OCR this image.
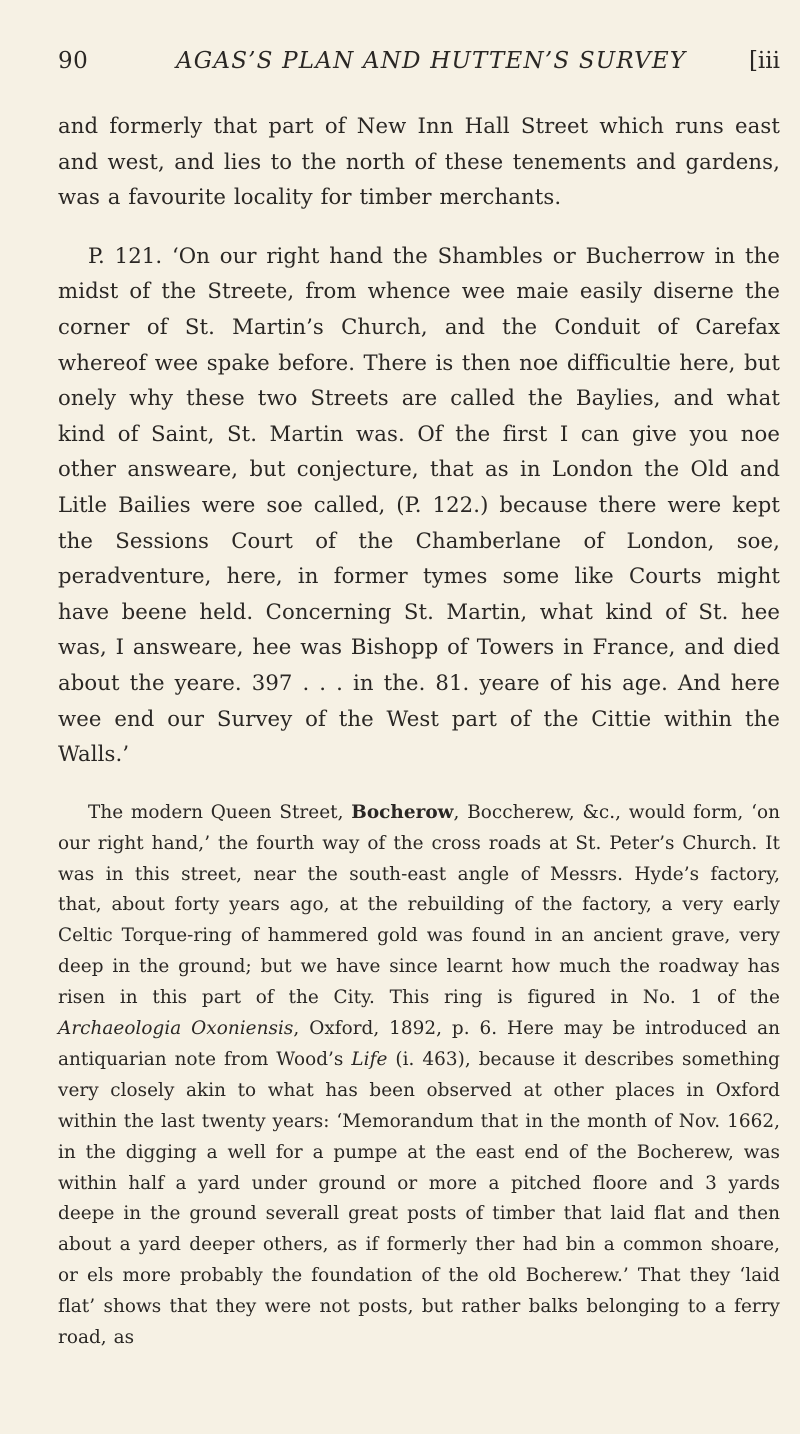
90	AGAS’S PLAN AND HUTTEN’S SURVEY	[iii

and formerly that part of New Inn Hall Street which runs east and west, and lies to the north of these tenements and gardens, was a favourite locality for timber merchants.

P. 121. ‘On our right hand the Shambles or Bucherrow in the midst of the Streete, from whence wee maie easily diserne the corner of St. Martin’s Church, and the Conduit of Carefax whereof wee spake before. There is then noe difficultie here, but onely why these two Streets are called the Baylies, and what kind of Saint, St. Martin was. Of the first I can give you noe other answeare, but conjecture, that as in London the Old and Litle Bailies were soe called, (P. 122.) because there were kept the Sessions Court of the Chamberlane of London, soe, peradventure, here, in former tymes some like Courts might have beene held. Concerning St. Martin, what kind of St. hee was, I answeare, hee was Bishopp of Towers in France, and died about the yeare. 397 . . . in the. 81. yeare of his age. And here wee end our Survey of the West part of the Cittie within the Walls.’

The modern Queen Street, Bocherow, Boccherew, &c., would form, ‘on our right hand,’ the fourth way of the cross roads at St. Peter’s Church. It was in this street, near the south-east angle of Messrs. Hyde’s factory, that, about forty years ago, at the rebuilding of the factory, a very early Celtic Torque-ring of hammered gold was found in an ancient grave, very deep in the ground; but we have since learnt how much the roadway has risen in this part of the City. This ring is figured in No. 1 of the Archaeologia Oxoniensis, Oxford, 1892, p. 6. Here may be introduced an antiquarian note from Wood’s Life (i. 463), because it describes something very closely akin to what has been observed at other places in Oxford within the last twenty years: ‘Memorandum that in the month of Nov. 1662, in the digging a well for a pumpe at the east end of the Bocherew, was within half a yard under ground or more a pitched floore and 3 yards deepe in the ground severall great posts of timber that laid flat and then about a yard deeper others, as if formerly ther had bin a common shoare, or els more probably the foundation of the old Bocherew.’ That they ‘laid flat’ shows that they were not posts, but rather balks belonging to a ferry road, as
